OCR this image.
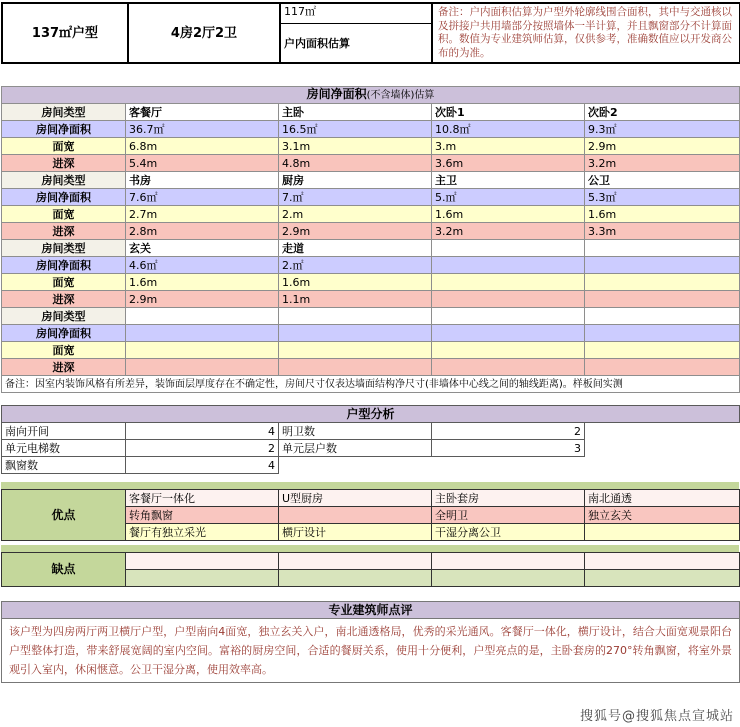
137㎡户型	4房2厅2卫	117㎡	备注：户内面积估算为户型外轮廓线围合面积，其中与交通核以及拼接户共用墙部分按照墙体一半计算，并且飘窗部分不计算面积。数值为专业建筑师估算，仅供参考，准确数值应以开发商公布的为准。
户内面积估算
房间净面积(不含墙体)估算				
房间类型	客餐厅	主卧	次卧1	次卧2
房间净面积	36.7㎡	16.5㎡	10.8㎡	9.3㎡
面宽	6.8m	3.1m	3.m	2.9m
进深	5.4m	4.8m	3.6m	3.2m
房间类型	书房	厨房	主卫	公卫
房间净面积	7.6㎡	7.㎡	5.㎡	5.3㎡
面宽	2.7m	2.m	1.6m	1.6m
进深	2.8m	2.9m	3.2m	3.3m
房间类型	玄关	走道		
房间净面积	4.6㎡	2.㎡		
面宽	1.6m	1.6m		
进深	2.9m	1.1m		
房间类型				
房间净面积				
面宽				
进深				
备注：因室内装饰风格有所差异，装饰面层厚度存在不确定性，房间尺寸仅表达墙面结构净尺寸(非墙体中心线之间的轴线距离)。样板间实测				
户型分析				
南向开间	4	明卫数	2	
单元电梯数	2	单元层户数	3	
飘窗数	4			
优点	客餐厅一体化	U型厨房	主卧套房	南北通透
	转角飘窗		全明卫	独立玄关
	餐厅有独立采光	横厅设计	干湿分离公卫	
缺点				

专业建筑师点评
该户型为四房两厅两卫横厅户型，户型南向4面宽，独立玄关入户，南北通透格局，优秀的采光通风。客餐厅一体化，横厅设计，结合大面宽观景阳台户型整体打造，带来舒展宽阔的室内空间。富裕的厨房空间，合适的餐厨关系，使用十分便利，户型亮点的是，主卧套房的270°转角飘窗，将室外景观引入室内，休闲惬意。公卫干湿分离，使用效率高。
搜狐号@搜狐焦点宣城站
